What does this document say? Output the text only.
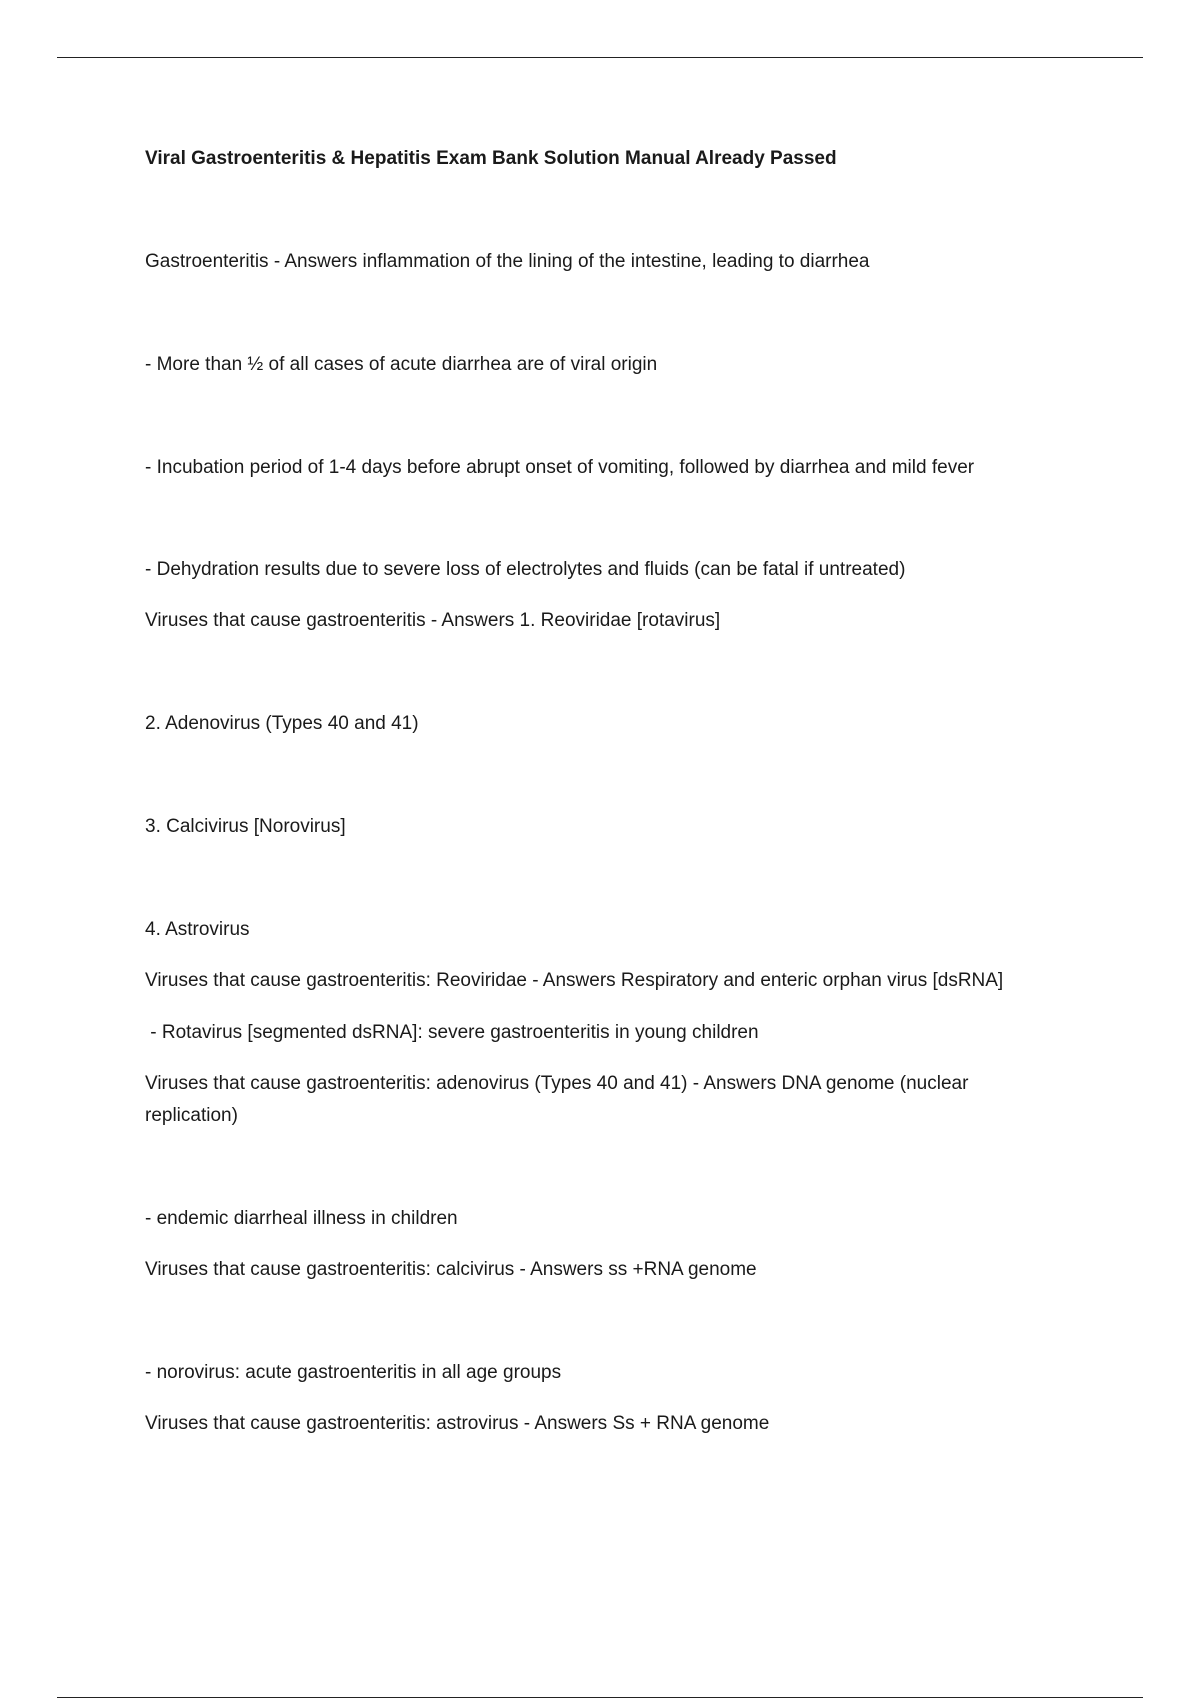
Viral Gastroenteritis & Hepatitis Exam Bank Solution Manual Already Passed
Gastroenteritis - Answers inflammation of the lining of the intestine, leading to diarrhea
- More than ½ of all cases of acute diarrhea are of viral origin
- Incubation period of 1-4 days before abrupt onset of vomiting, followed by diarrhea and mild fever
- Dehydration results due to severe loss of electrolytes and fluids (can be fatal if untreated)
Viruses that cause gastroenteritis - Answers 1. Reoviridae [rotavirus]
2. Adenovirus (Types 40 and 41)
3. Calcivirus [Norovirus]
4. Astrovirus
Viruses that cause gastroenteritis: Reoviridae - Answers Respiratory and enteric orphan virus [dsRNA]
- Rotavirus [segmented dsRNA]: severe gastroenteritis in young children
Viruses that cause gastroenteritis: adenovirus (Types 40 and 41) - Answers DNA genome (nuclear replication)
- endemic diarrheal illness in children
Viruses that cause gastroenteritis: calcivirus - Answers ss +RNA genome
- norovirus: acute gastroenteritis in all age groups
Viruses that cause gastroenteritis: astrovirus - Answers Ss + RNA genome
